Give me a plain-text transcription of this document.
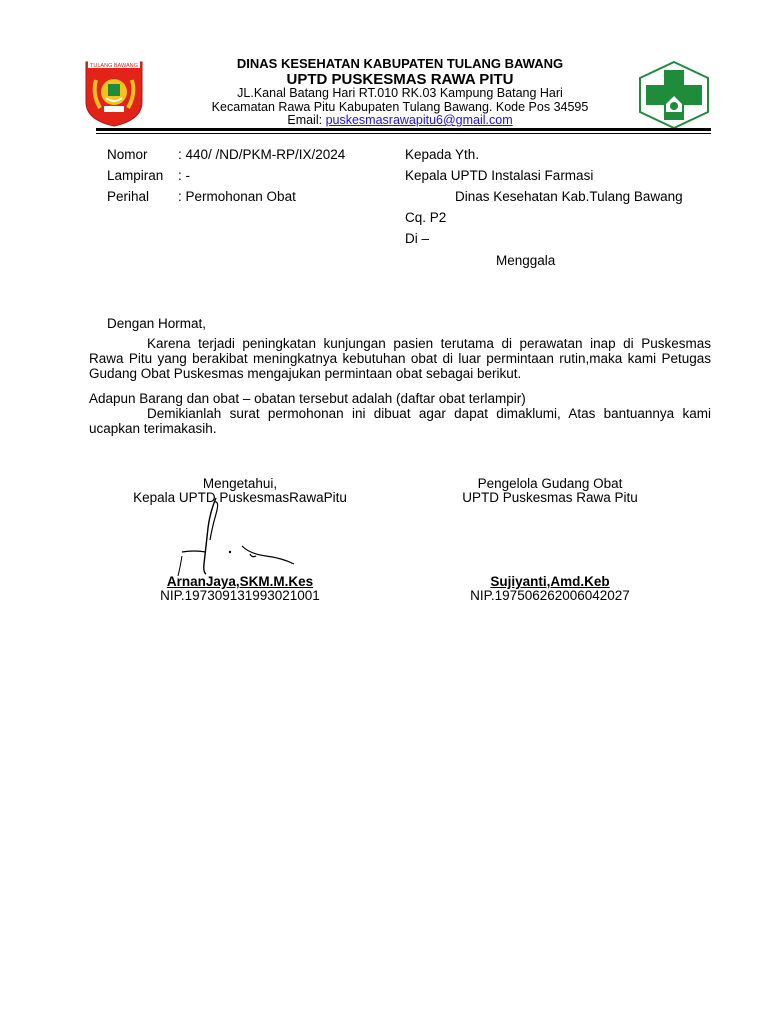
TULANG BAWANG	DINAS KESEHATAN KABUPATEN TULANG BAWANG
UPTD PUSKESMAS RAWA PITU
JL.Kanal Batang Hari RT.010 RK.03 Kampung Batang Hari
Kecamatan Rawa Pitu Kabupaten Tulang Bawang. Kode Pos 34595
Email: puskesmasrawapitu6@gmail.com
Nomor : 440/ /ND/PKM-RP/IX/2024
Lampiran : -
Perihal : Permohonan Obat
Kepada Yth.
Kepala UPTD Instalasi Farmasi
Dinas Kesehatan Kab.Tulang Bawang
Cq. P2
Di –
Menggala
Dengan Hormat,
Karena terjadi peningkatan kunjungan pasien terutama di perawatan inap di Puskesmas Rawa Pitu yang berakibat meningkatnya kebutuhan obat di luar permintaan rutin,maka kami Petugas Gudang Obat Puskesmas mengajukan permintaan obat sebagai berikut.
Adapun Barang dan obat – obatan tersebut adalah (daftar obat terlampir)
Demikianlah surat permohonan ini dibuat agar dapat dimaklumi, Atas bantuannya kami ucapkan terimakasih.
Mengetahui,
Kepala UPTD PuskesmasRawaPitu
Pengelola Gudang Obat
UPTD Puskesmas Rawa Pitu
ArnanJaya,SKM.M.Kes
NIP.197309131993021001
Sujiyanti,Amd.Keb
NIP.197506262006042027
